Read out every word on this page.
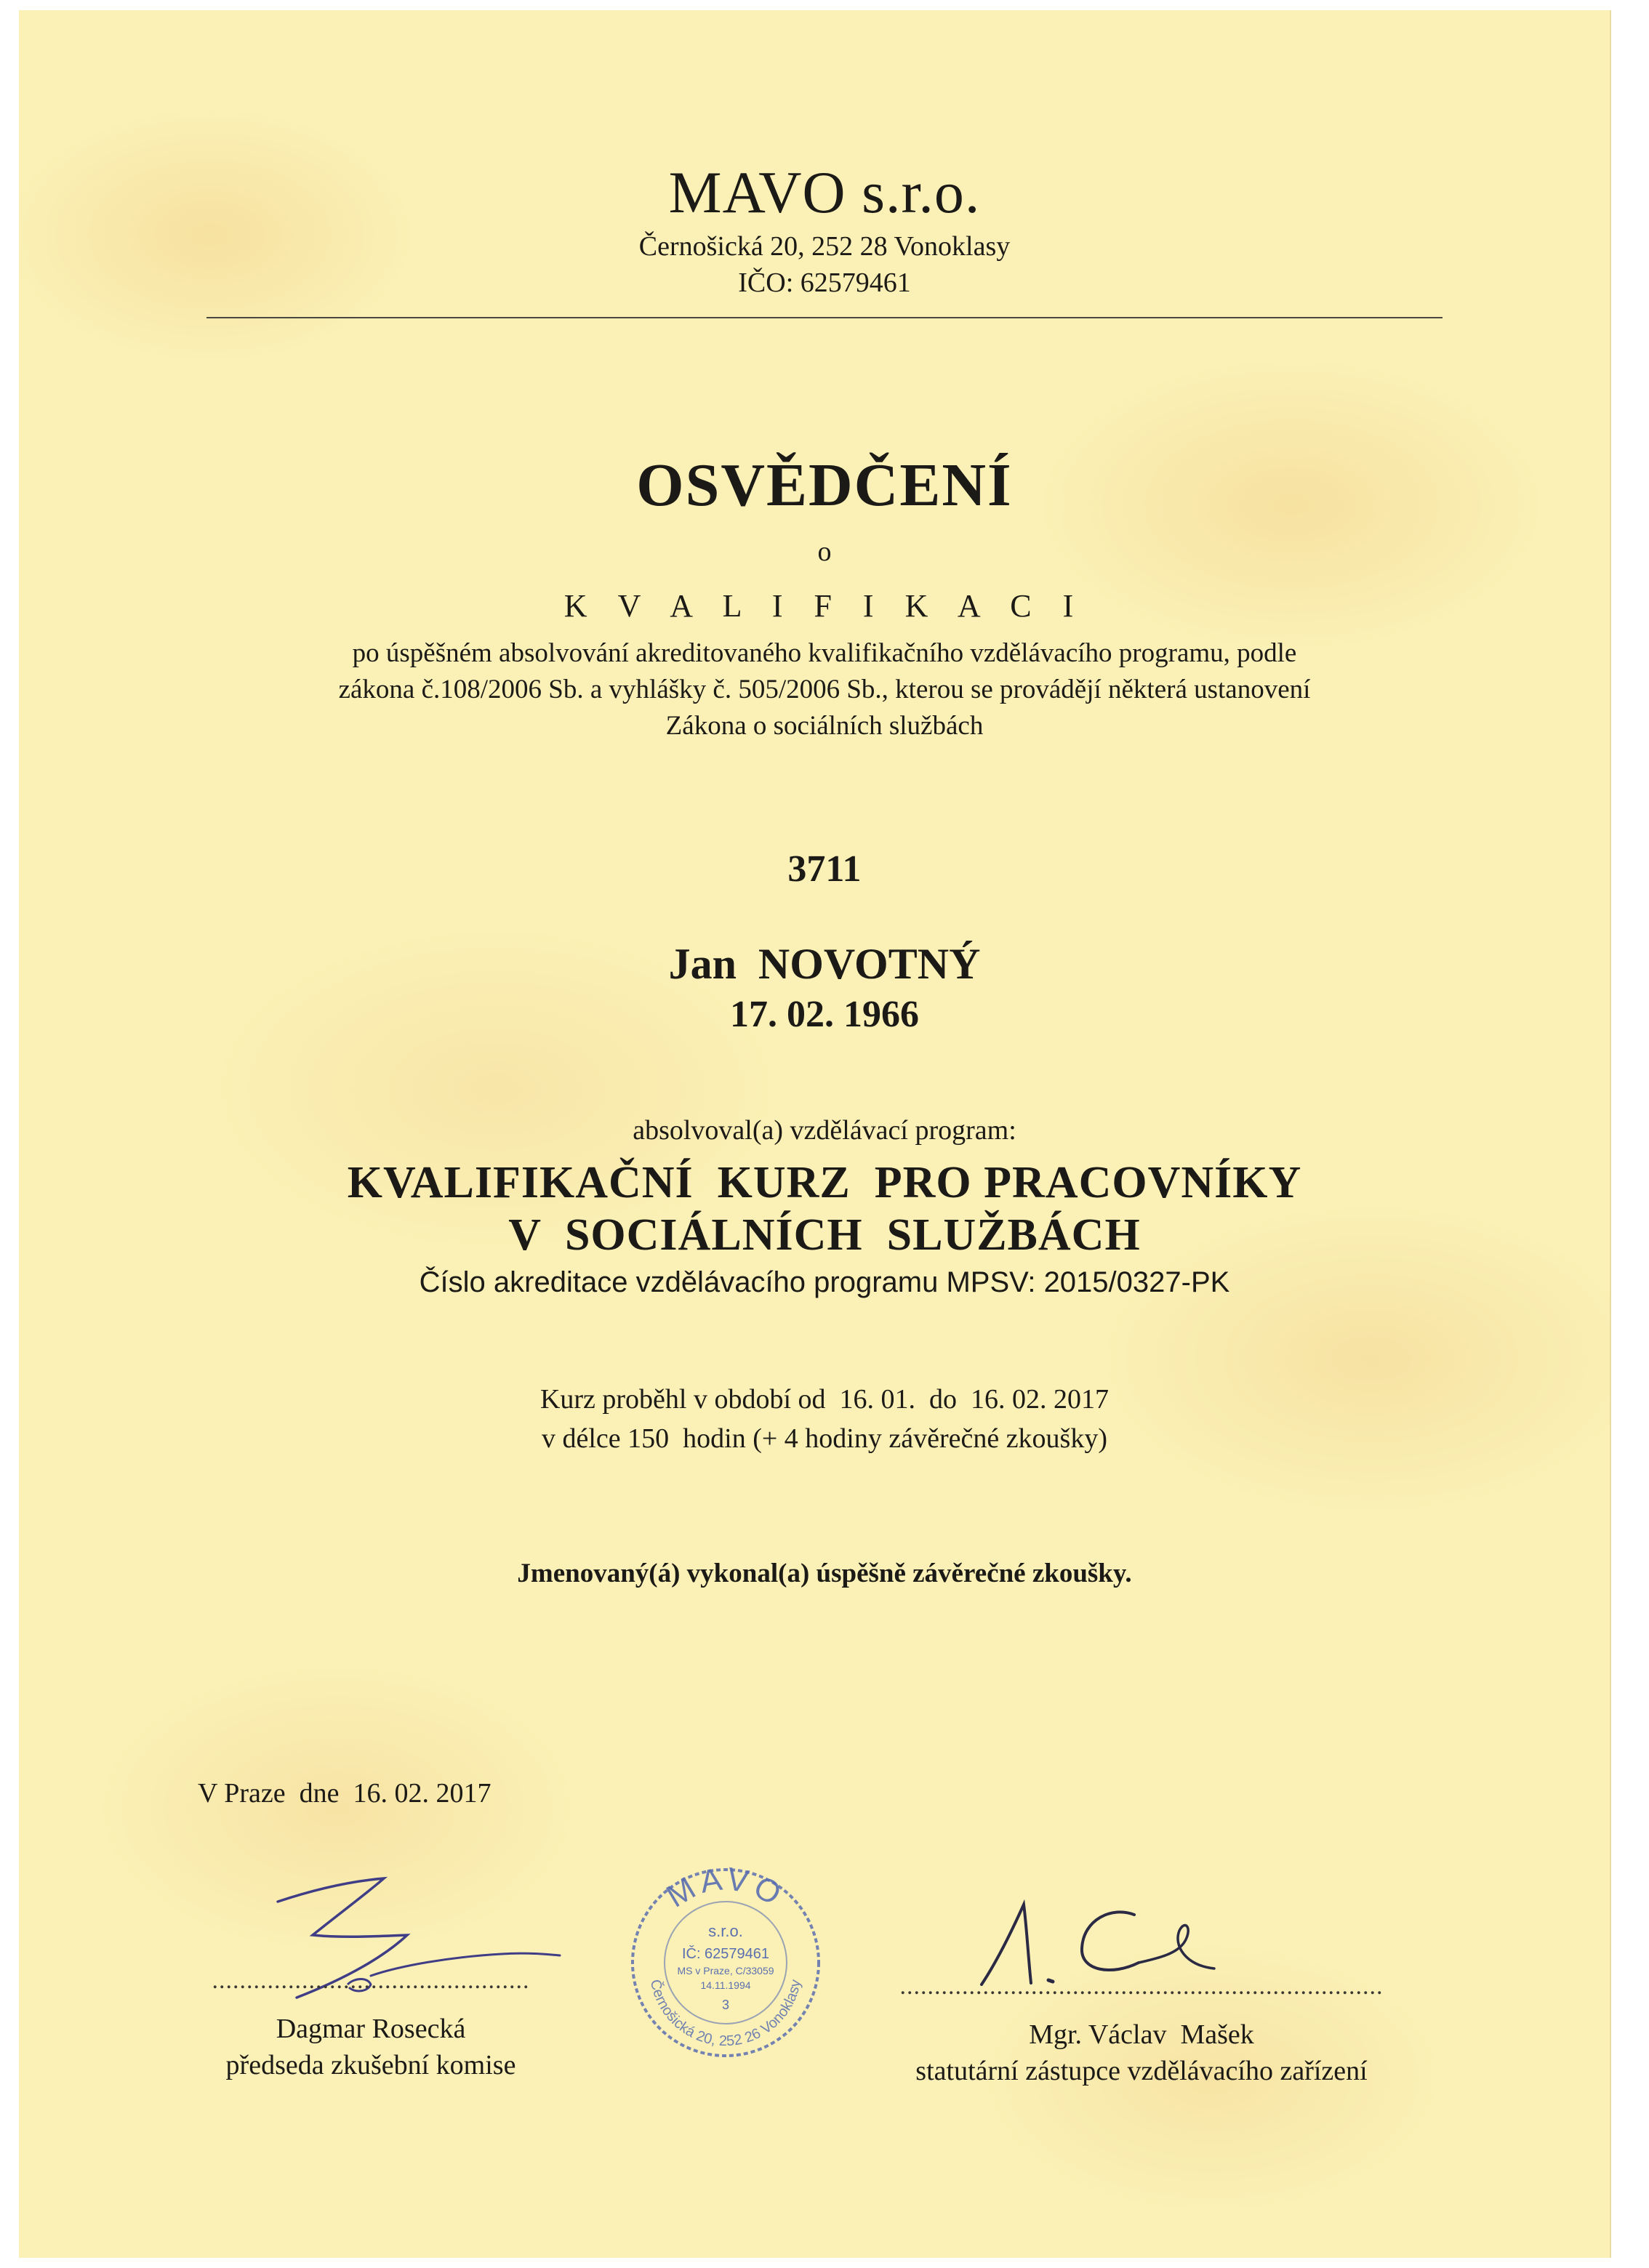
MAVO s.r.o.
Černošická 20, 252 28 Vonoklasy
IČO: 62579461
OSVĚDČENÍ
o
K V A L I F I K A C I
po úspěšném absolvování akreditovaného kvalifikačního vzdělávacího programu, podle
zákona č.108/2006 Sb. a vyhlášky č. 505/2006 Sb., kterou se provádějí některá ustanovení
Zákona o sociálních službách
3711
Jan  NOVOTNÝ
17. 02. 1966
absolvoval(a) vzdělávací program:
KVALIFIKAČNÍ  KURZ  PRO PRACOVNÍKY
V  SOCIÁLNÍCH  SLUŽBÁCH
Číslo akreditace vzdělávacího programu MPSV: 2015/0327-PK
Kurz proběhl v období od  16. 01.  do  16. 02. 2017
v délce 150  hodin (+ 4 hodiny závěrečné zkoušky)
Jmenovaný(á) vykonal(a) úspěšně závěrečné zkoušky.
V Praze  dne  16. 02. 2017
MAVO
s.r.o.
IČ: 62579461
MS v Praze, C/33059
14.11.1994
3
Černošická 20, 252 26 Vonoklasy
..............................................
Dagmar Rosecká
předseda zkušební komise
......................................................................
Mgr. Václav  Mašek
statutární zástupce vzdělávacího zařízení
